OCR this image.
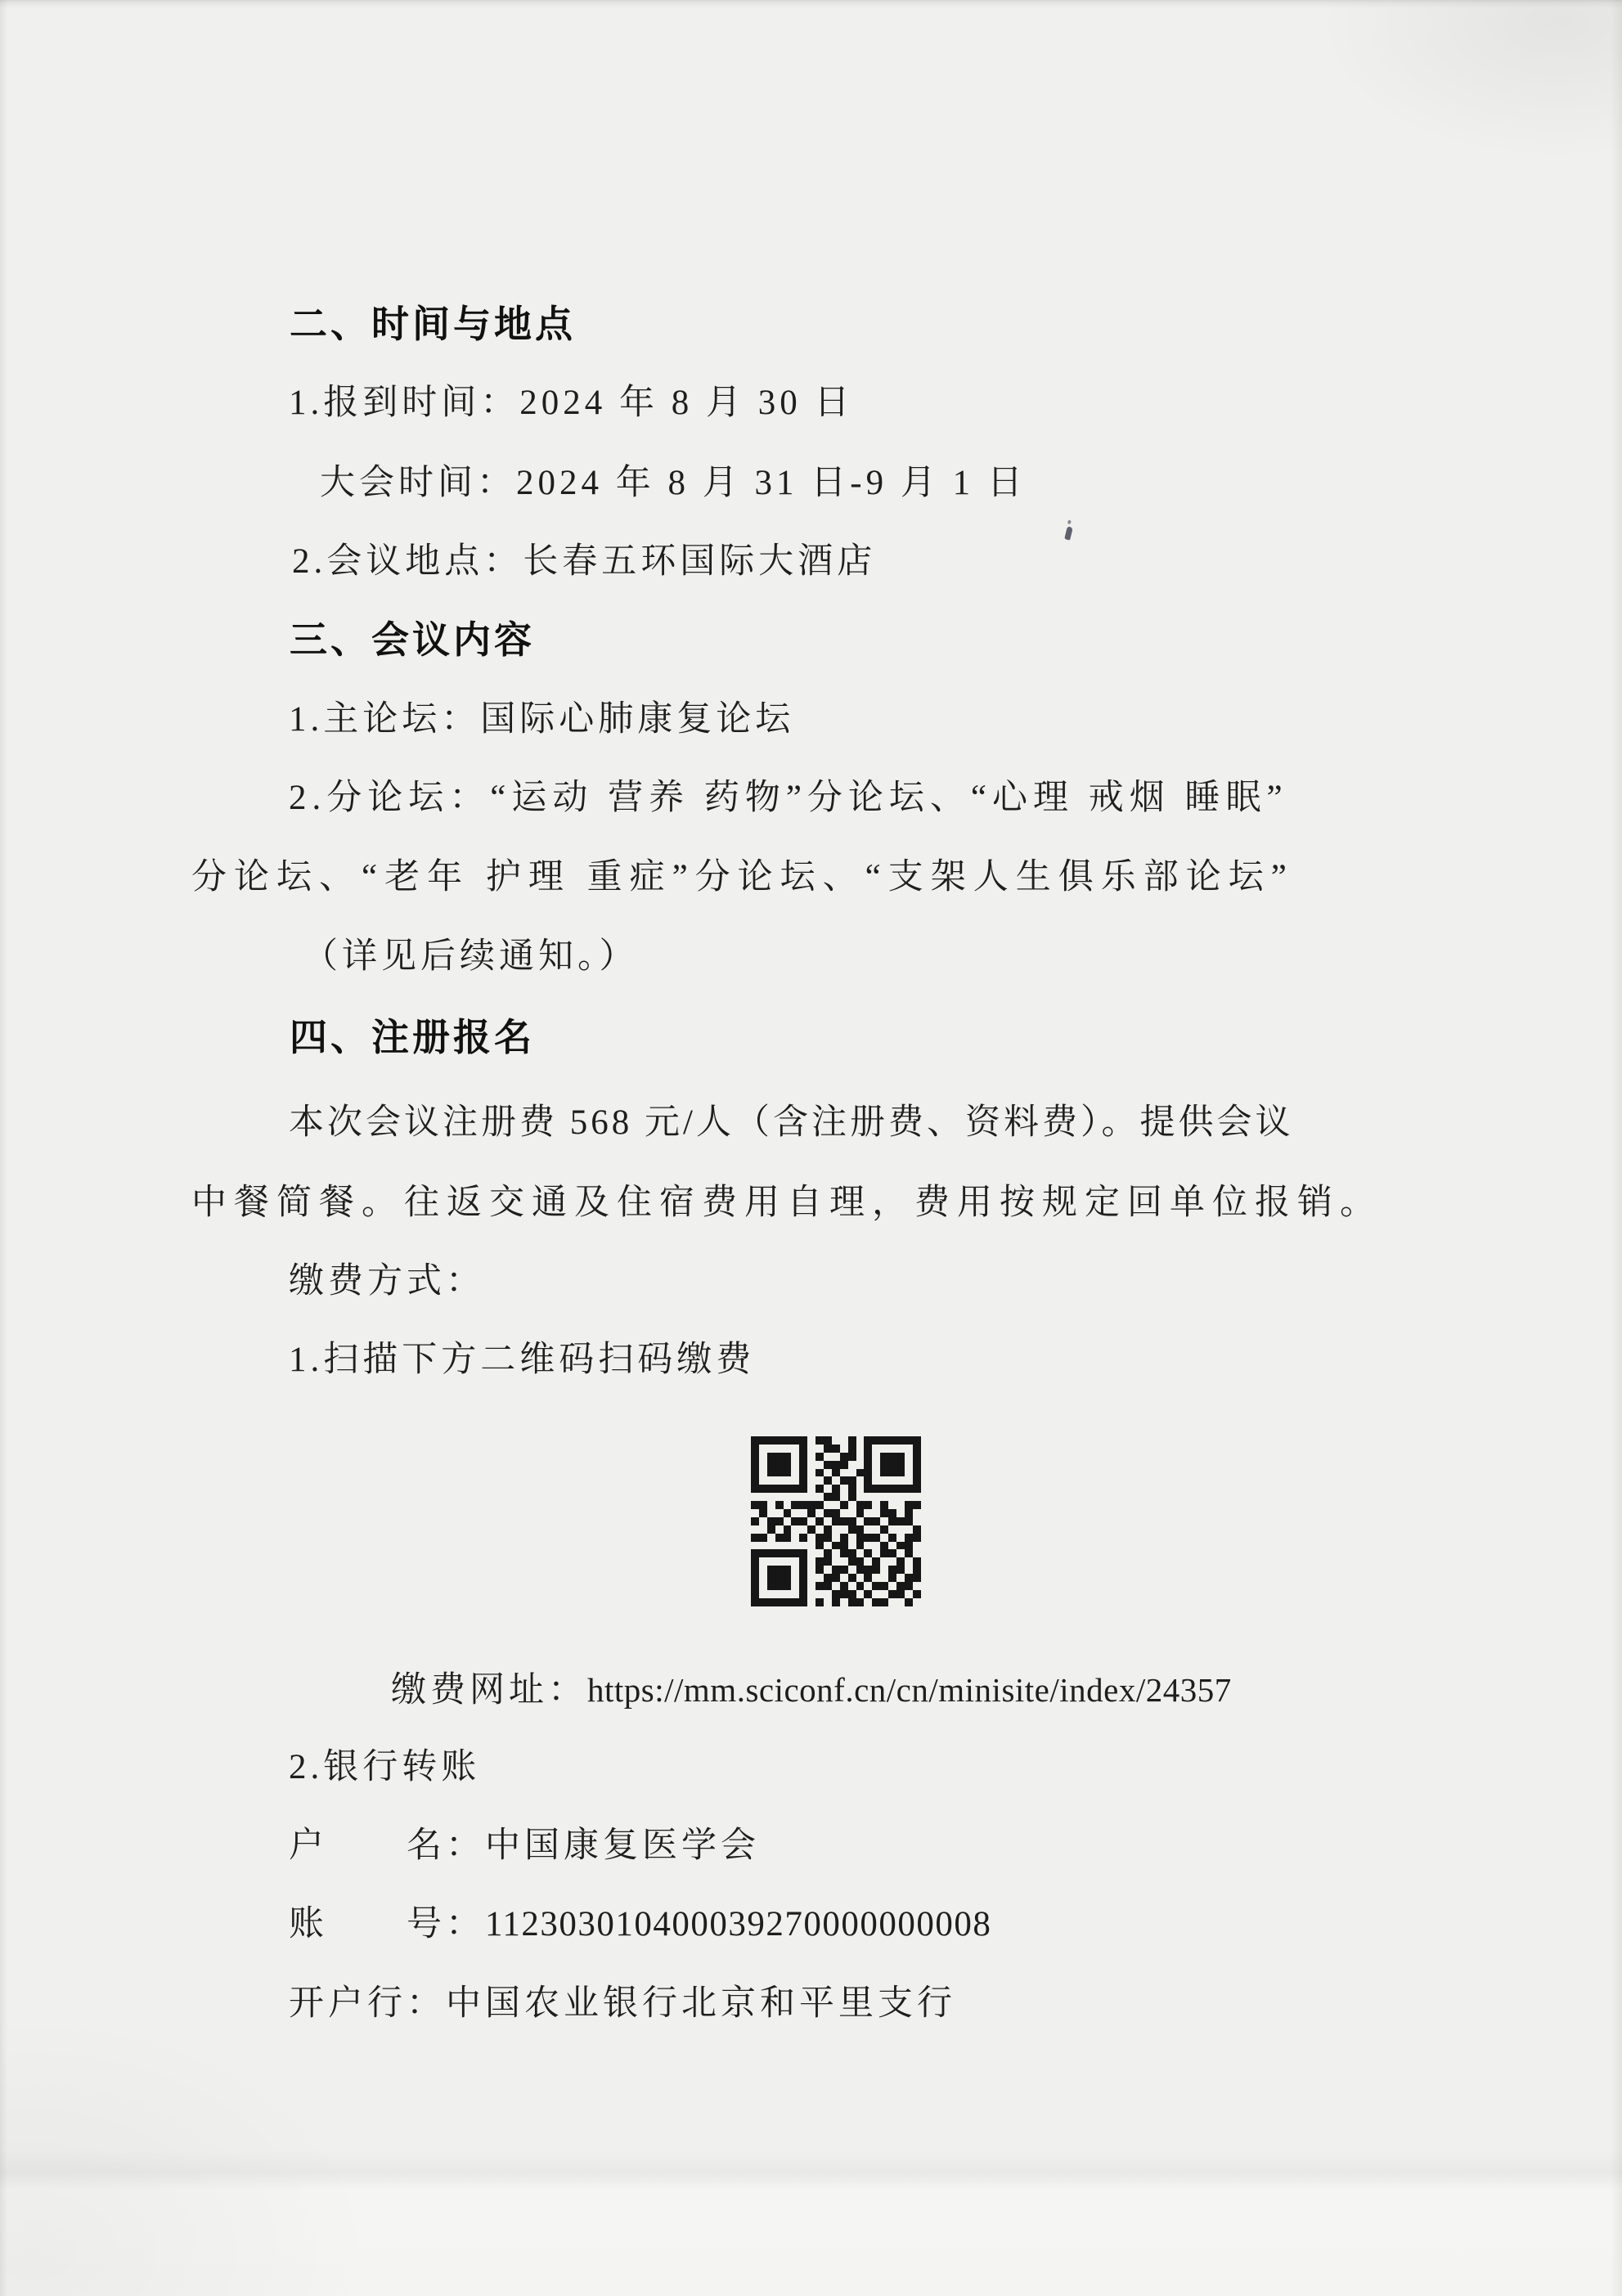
二、时间与地点
1.报到时间：2024 年 8 月 30 日
大会时间：2024 年 8 月 31 日-9 月 1 日
2.会议地点：长春五环国际大酒店
三、会议内容
1.主论坛：国际心肺康复论坛
2.分论坛：“运动 营养 药物”分论坛、“心理 戒烟 睡眠”
分论坛、“老年 护理 重症”分论坛、“支架人生俱乐部论坛”
（详见后续通知。）
四、注册报名
本次会议注册费 568 元/人（含注册费、资料费）。提供会议
中餐简餐。往返交通及住宿费用自理，费用按规定回单位报销。
缴费方式：
1.扫描下方二维码扫码缴费
缴费网址：https://mm.sciconf.cn/cn/minisite/index/24357
2.银行转账
户　　名：中国康复医学会
账　　号：112303010400039270000000008
开户行：中国农业银行北京和平里支行
